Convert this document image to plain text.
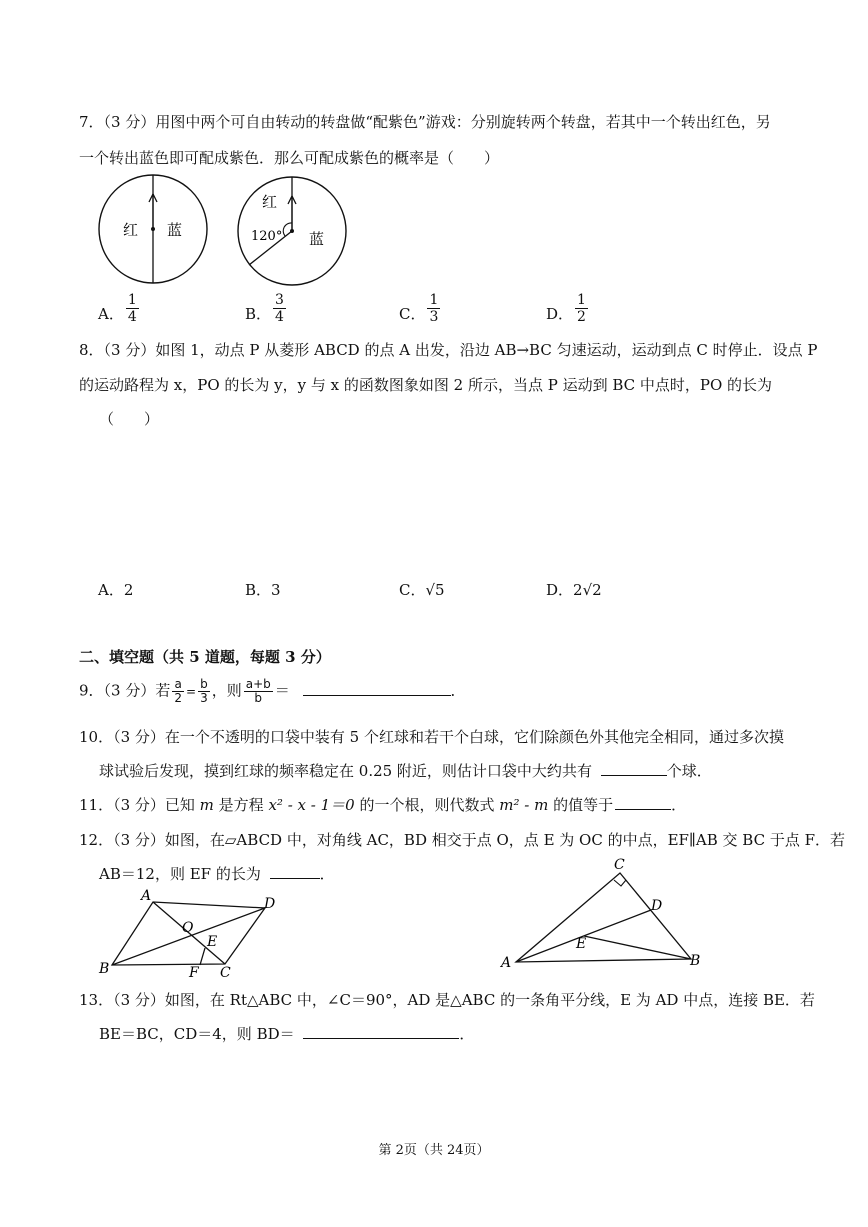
7．（3 分）用图中两个可自由转动的转盘做“配紫色”游戏：分别旋转两个转盘，若其中一个转出红色，另
一个转出蓝色即可配成紫色．那么可配成紫色的概率是（　　）
红 蓝
红
120° 蓝
A． $\frac{1}{4}$	B． $\frac{3}{4}$	C． $\frac{1}{3}$	D． $\frac{1}{2}$
8．（3 分）如图 1，动点 P 从菱形 ABCD 的点 A 出发，沿边 AB→BC 匀速运动，运动到点 C 时停止．设点 P
的运动路程为 x，PO 的长为 y，y 与 x 的函数图象如图 2 所示，当点 P 运动到 BC 中点时，PO 的长为
（　　）
A．2	B．3	C．√5	D．2√2
二、填空题（共 5 道题，每题 3 分）
9．（3 分）若 $\frac{a}{2} = \frac{b}{3}$ ，则 $\frac{a+b}{b}$ ＝	．
10．（3 分）在一个不透明的口袋中装有 5 个红球和若干个白球，它们除颜色外其他完全相同，通过多次摸
球试验后发现，摸到红球的频率稳定在 0.25 附近，则估计口袋中大约共有	个球．
11．（3 分）已知 m 是方程 x² - x - 1＝0 的一个根，则代数式 m² - m 的值等于	．
12．（3 分）如图，在▱ABCD 中，对角线 AC，BD 相交于点 O，点 E 为 OC 的中点，EF∥AB 交 BC 于点 F．若
AB＝12，则 EF 的长为	．
A	D
O
E
B	F C
C
D
E
A	B
13．（3 分）如图，在 Rt△ABC 中，∠C＝90°，AD 是△ABC 的一条角平分线，E 为 AD 中点，连接 BE．若
BE＝BC，CD＝4，则 BD＝	．
第 2页（共 24页）
